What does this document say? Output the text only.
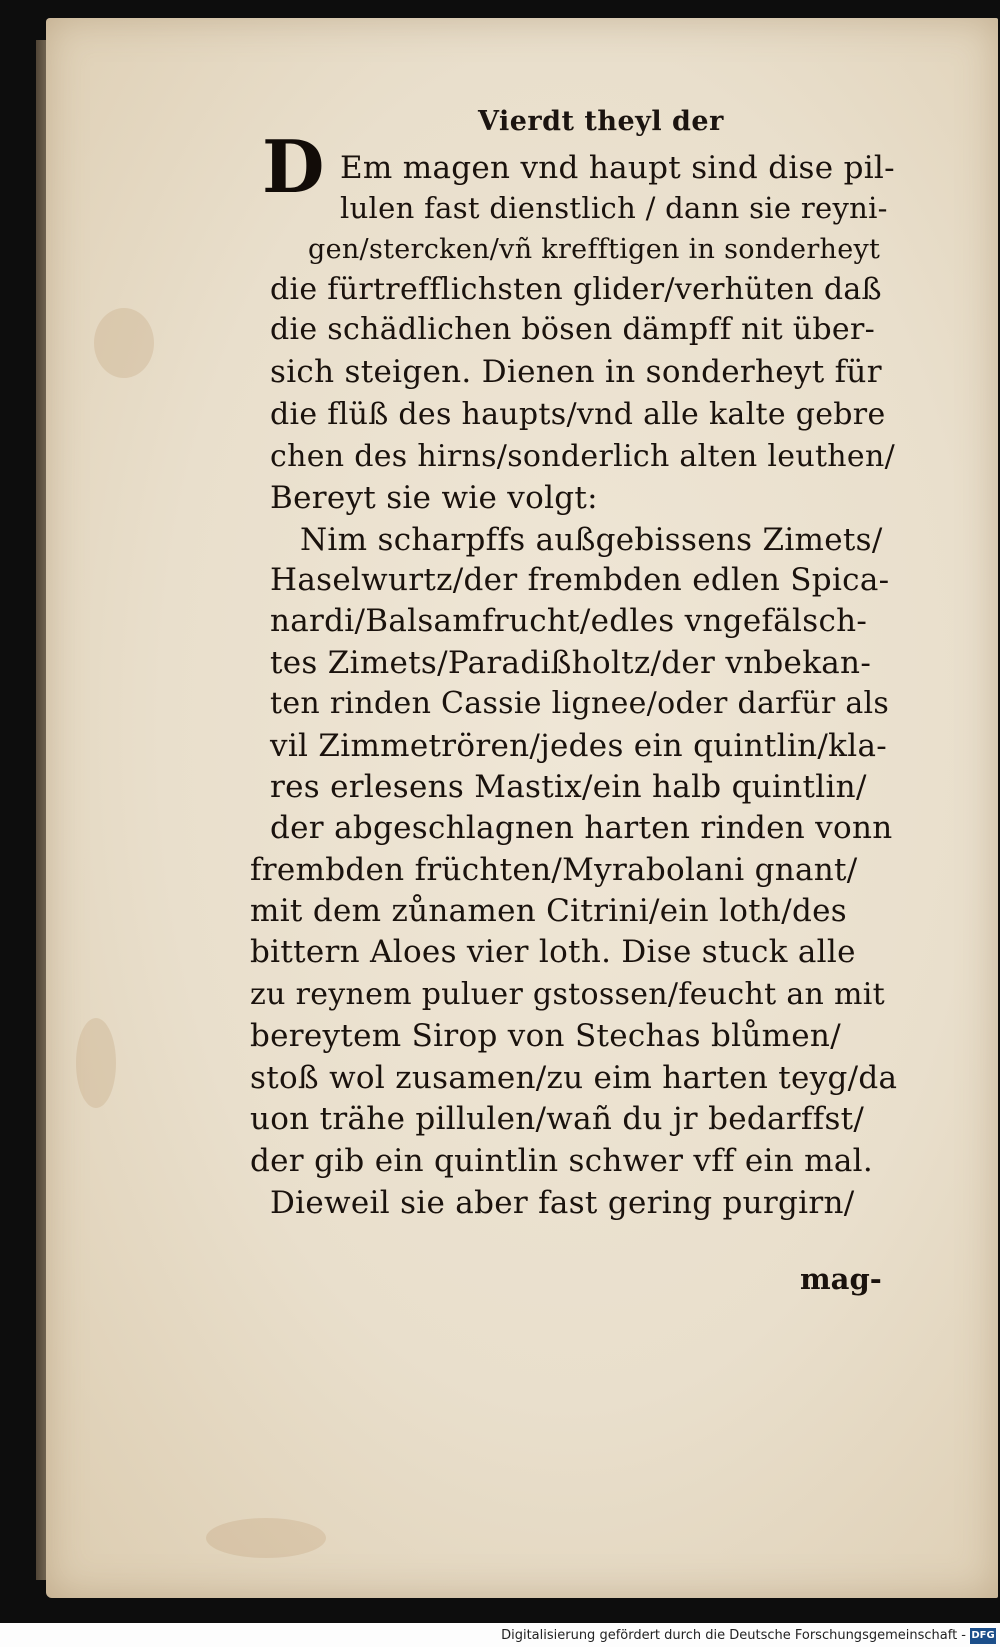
Vierdt theyl der
D Em magen vnd haupt sind dise pil-
lulen fast dienstlich / dann sie reyni-
gen/stercken/vñ krefftigen in sonderheyt
die fürtrefflichsten glider/verhüten daß
die schädlichen bösen dämpff nit über-
sich steigen. Dienen in sonderheyt für
die flüß des haupts/vnd alle kalte gebre
chen des hirns/sonderlich alten leuthen/
Bereyt sie wie volgt:
Nim scharpffs außgebissens Zimets/
Haselwurtz/der frembden edlen Spica-
nardi/Balsamfrucht/edles vngefälsch-
tes Zimets/Paradißholtz/der vnbekan-
ten rinden Cassie lignee/oder darfür als
vil Zimmetrören/jedes ein quintlin/kla-
res erlesens Mastix/ein halb quintlin/
der abgeschlagnen harten rinden vonn
frembden früchten/Myrabolani gnant/
mit dem zůnamen Citrini/ein loth/des
bittern Aloes vier loth. Dise stuck alle
zu reynem puluer gstossen/feucht an mit
bereytem Sirop von Stechas blůmen/
stoß wol zusamen/zu eim harten teyg/da
uon trähe pillulen/wañ du jr bedarffst/
der gib ein quintlin schwer vff ein mal.
Dieweil sie aber fast gering purgirn/
mag-
Digitalisierung gefördert durch die Deutsche Forschungsgemeinschaft - DFG
